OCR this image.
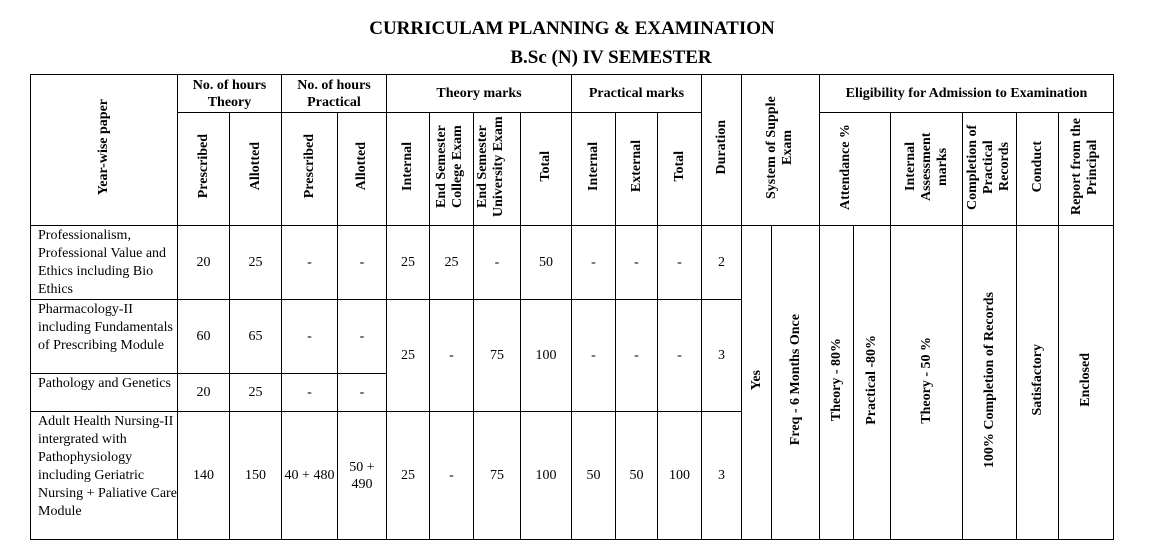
CURRICULAM PLANNING & EXAMINATION
B.Sc (N) IV SEMESTER
Year-wise paper	No. of hours Theory		No. of hours Practical		Theory marks				Practical marks			Duration	System of Supple Exam		Eligibility for Admission to Examination					
	Prescribed	Allotted	Prescribed	Allotted	Internal	End Semester College Exam	End Semester University Exam	Total	Internal	External	Total				Attendance %		Internal Assessment marks	Completion of Practical Records	Conduct	Report from the Principal
Professionalism, Professional Value and Ethics including Bio Ethics	20	25	-	-	25	25	-	50	-	-	-	2	Yes	Freq - 6 Months Once	Theory - 80%	Practical -80%	Theory - 50 %	100% Completion of Records	Satisfactory	Enclosed
Pharmacology-II including Fundamentals of Prescribing Module	60	65	-	-	25	-	75	100	-	-	-	3								
Pathology and Genetics	20	25	-	-																
Adult Health Nursing-II intergrated with Pathophysiology including Geriatric Nursing + Paliative Care Module	140	150	40 + 480	50 + 490	25	-	75	100	50	50	100	3								
